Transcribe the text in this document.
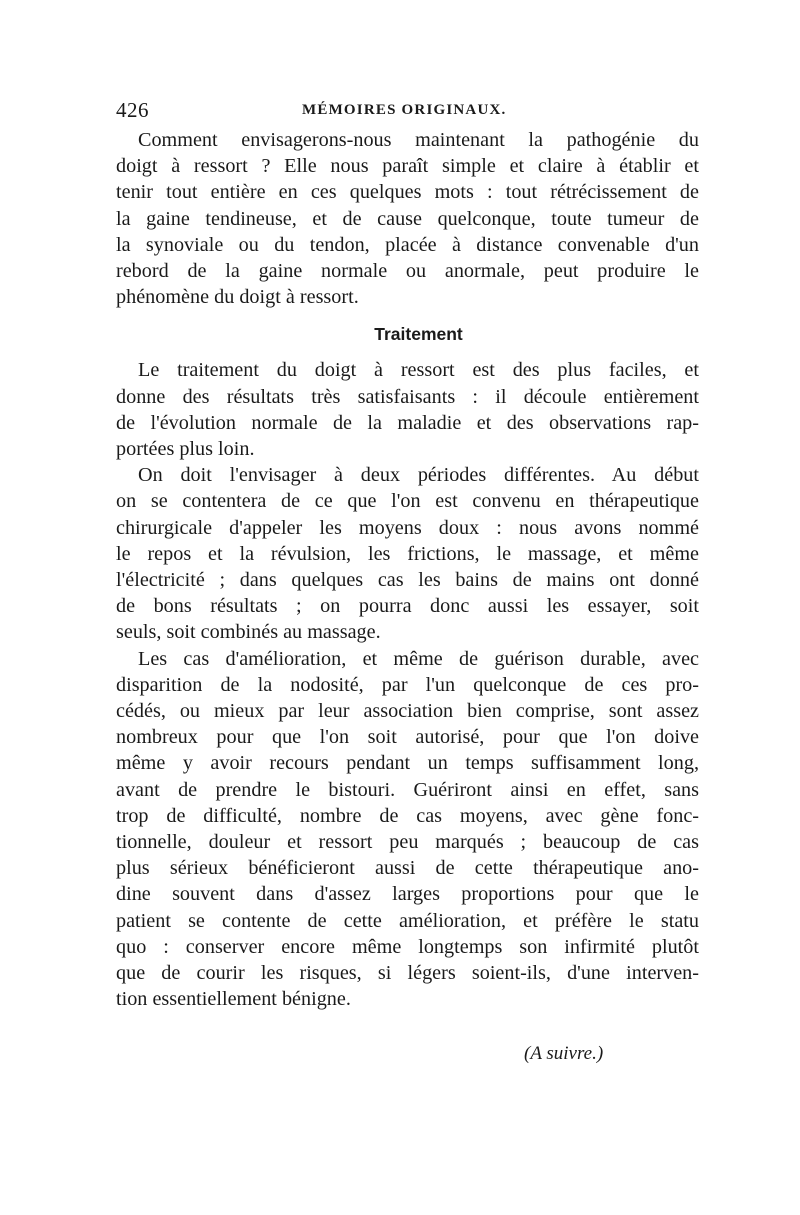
426	MÉMOIRES ORIGINAUX.
Comment envisagerons-nous maintenant la pathogénie du
doigt à ressort ? Elle nous paraît simple et claire à établir et
tenir tout entière en ces quelques mots : tout rétrécissement de
la gaine tendineuse, et de cause quelconque, toute tumeur de
la synoviale ou du tendon, placée à distance convenable d'un
rebord de la gaine normale ou anormale, peut produire le
phénomène du doigt à ressort.
Traitement
Le traitement du doigt à ressort est des plus faciles, et
donne des résultats très satisfaisants : il découle entièrement
de l'évolution normale de la maladie et des observations rap-
portées plus loin.
On doit l'envisager à deux périodes différentes. Au début
on se contentera de ce que l'on est convenu en thérapeutique
chirurgicale d'appeler les moyens doux : nous avons nommé
le repos et la révulsion, les frictions, le massage, et même
l'électricité ; dans quelques cas les bains de mains ont donné
de bons résultats ; on pourra donc aussi les essayer, soit
seuls, soit combinés au massage.
Les cas d'amélioration, et même de guérison durable, avec
disparition de la nodosité, par l'un quelconque de ces pro-
cédés, ou mieux par leur association bien comprise, sont assez
nombreux pour que l'on soit autorisé, pour que l'on doive
même y avoir recours pendant un temps suffisamment long,
avant de prendre le bistouri. Guériront ainsi en effet, sans
trop de difficulté, nombre de cas moyens, avec gène fonc-
tionnelle, douleur et ressort peu marqués ; beaucoup de cas
plus sérieux bénéficieront aussi de cette thérapeutique ano-
dine souvent dans d'assez larges proportions pour que le
patient se contente de cette amélioration, et préfère le statu
quo : conserver encore même longtemps son infirmité plutôt
que de courir les risques, si légers soient-ils, d'une interven-
tion essentiellement bénigne.
(A suivre.)
